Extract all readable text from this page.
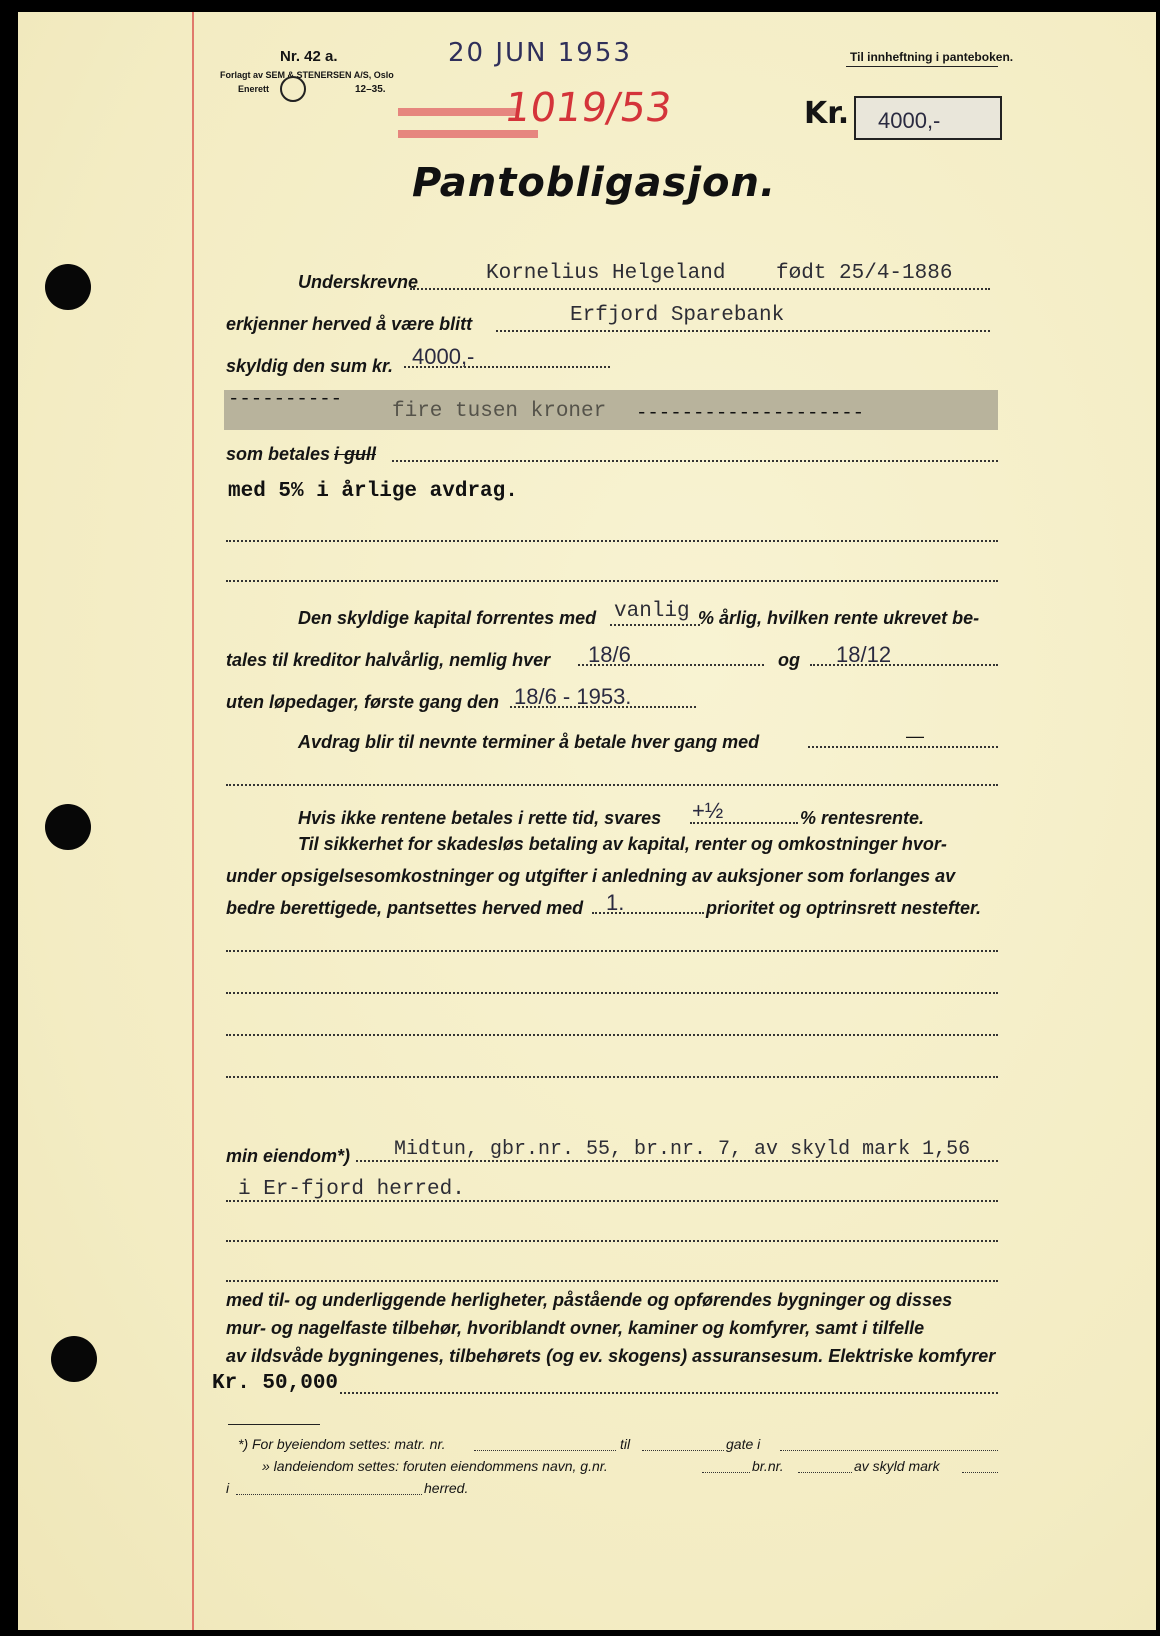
Nr. 42 a.
Forlagt av SEM & STENERSEN A/S, Oslo
Enerett	12–35.
20 JUN 1953	Til innheftning i panteboken.
1019/53	Kr. 4000,-
Pantobligasjon.
Underskrevne	Kornelius Helgeland født 25/4-1886
erkjenner herved å være blitt	Erfjord Sparebank
skyldig den sum kr. 4000,-
----------
fire tusen kroner --------------------
som betales i gull
med 5% i årlige avdrag.
Den skyldige kapital forrentes med vanlig % årlig, hvilken rente ukrevet be-
tales til kreditor halvårlig, nemlig hver 18/6	og 18/12
uten løpedager, første gang den 18/6 - 1953.
Avdrag blir til nevnte terminer å betale hver gang med	—
Hvis ikke rentene betales i rette tid, svares +½	% rentesrente.
Til sikkerhet for skadesløs betaling av kapital, renter og omkostninger hvor-
under opsigelsesomkostninger og utgifter i anledning av auksjoner som forlanges av
bedre berettigede, pantsettes herved med 1.	prioritet og optrinsrett nestefter.
min eiendom*) Midtun, gbr.nr. 55, br.nr. 7, av skyld mark 1,56
i Er-fjord herred.
med til- og underliggende herligheter, påstående og opførendes bygninger og disses
mur- og nagelfaste tilbehør, hvoriblandt ovner, kaminer og komfyrer, samt i tilfelle
av ildsvåde bygningenes, tilbehørets (og ev. skogens) assuransesum. Elektriske komfyrer
Kr. 50,000
*) For byeiendom settes: matr. nr.	til	gate i
» landeiendom settes: foruten eiendommens navn, g.nr.	br.nr.	av skyld mark
i	herred.
